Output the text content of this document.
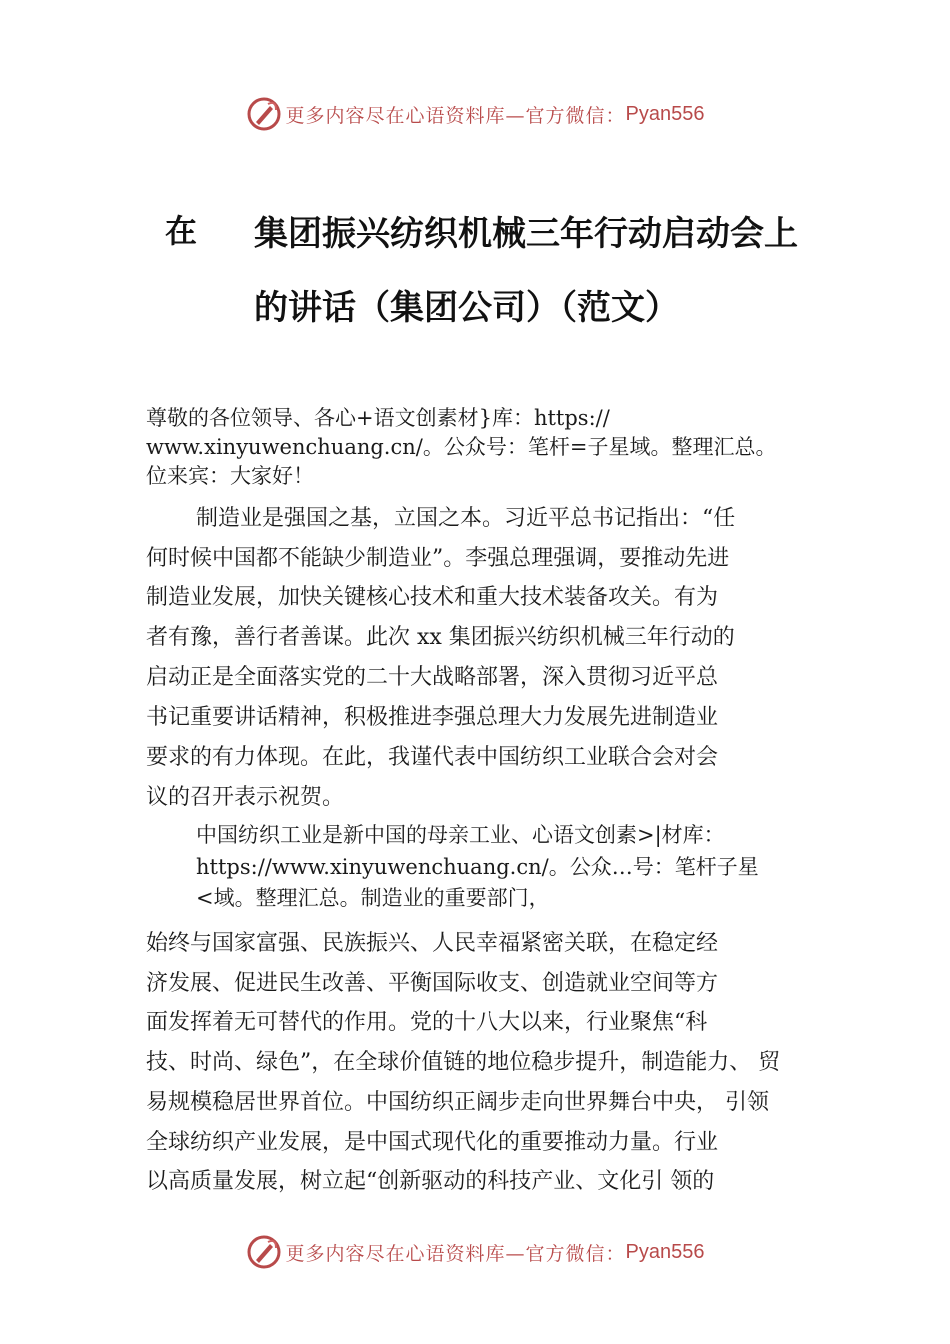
更多内容尽在心语资料库—官方微信： Pyan556
在 集团振兴纺织机械三年行动启动会上
的讲话（集团公司）（范文）
尊敬的各位领导、各心+语文创素材}库：https://
www.xinyuwenchuang.cn/。公众号：笔杆=子星域。整理汇总。
位来宾：大家好！
制造业是强国之基，立国之本。习近平总书记指出：“任
何时候中国都不能缺少制造业”。李强总理强调，要推动先进
制造业发展，加快关键核心技术和重大技术装备攻关。有为
者有豫，善行者善谋。此次 xx 集团振兴纺织机械三年行动的
启动正是全面落实党的二十大战略部署，深入贯彻习近平总
书记重要讲话精神，积极推进李强总理大力发展先进制造业
要求的有力体现。在此，我谨代表中国纺织工业联合会对会
议的召开表示祝贺。
中国纺织工业是新中国的母亲工业、心语文创素>|材库：
https://www.xinyuwenchuang.cn/。公众…号：笔杆子星
<域。整理汇总。制造业的重要部门，
始终与国家富强、民族振兴、人民幸福紧密关联，在稳定经
济发展、促进民生改善、平衡国际收支、创造就业空间等方
面发挥着无可替代的作用。党的十八大以来，行业聚焦“科
技、时尚、绿色”，在全球价值链的地位稳步提升，制造能力、 贸
易规模稳居世界首位。中国纺织正阔步走向世界舞台中央， 引领
全球纺织产业发展，是中国式现代化的重要推动力量。行业
以高质量发展，树立起“创新驱动的科技产业、文化引 领的
更多内容尽在心语资料库—官方微信： Pyan556
